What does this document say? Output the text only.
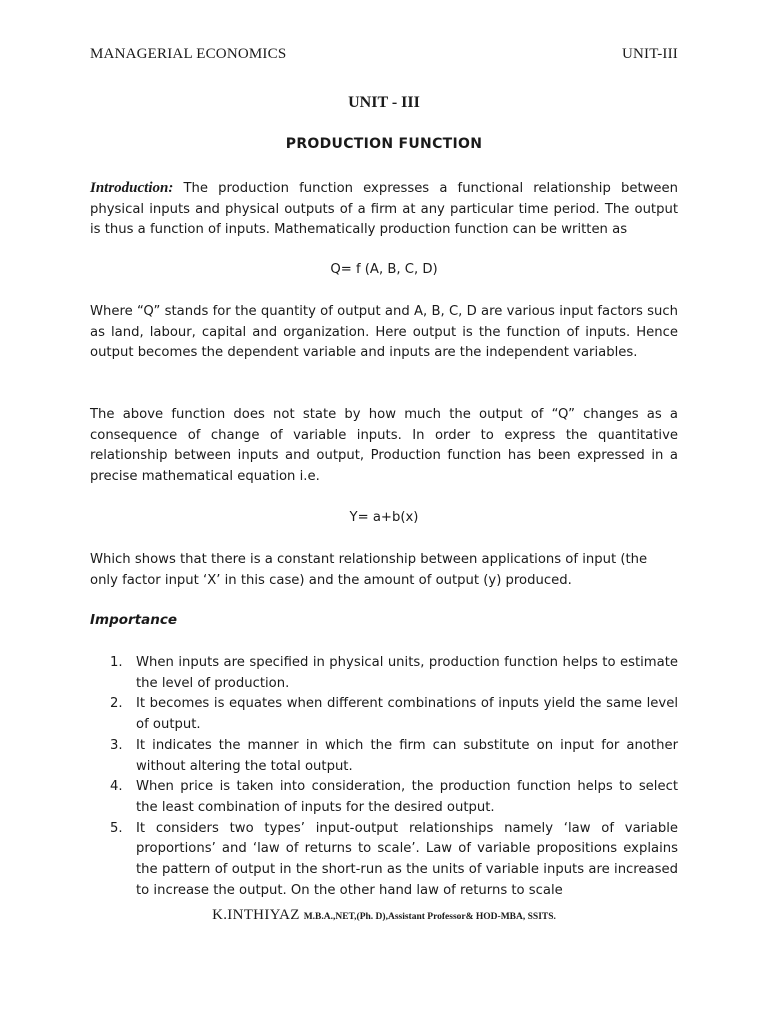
MANAGERIAL ECONOMICS	UNIT-III
UNIT - III
PRODUCTION FUNCTION

Introduction: The production function expresses a functional relationship between physical inputs and physical outputs of a firm at any particular time period. The output is thus a function of inputs. Mathematically production function can be written as

Q= f (A, B, C, D)

Where “Q” stands for the quantity of output and A, B, C, D are various input factors such as land, labour, capital and organization. Here output is the function of inputs. Hence output becomes the dependent variable and inputs are the independent variables.

The above function does not state by how much the output of “Q” changes as a consequence of change of variable inputs. In order to express the quantitative relationship between inputs and output, Production function has been expressed in a precise mathematical equation i.e.

Y= a+b(x)

Which shows that there is a constant relationship between applications of input (the only factor input ‘X’ in this case) and the amount of output (y) produced.

Importance
1.	When inputs are specified in physical units, production function helps to estimate the level of production.
2.	It becomes is equates when different combinations of inputs yield the same level of output.
3.	It indicates the manner in which the firm can substitute on input for another without altering the total output.
4.	When price is taken into consideration, the production function helps to select the least combination of inputs for the desired output.
5.	It considers two types’ input-output relationships namely ‘law of variable proportions’ and ‘law of returns to scale’. Law of variable propositions explains the pattern of output in the short-run as the units of variable inputs are increased to increase the output. On the other hand law of returns to scale
K.INTHIYAZ M.B.A.,NET,(Ph. D),Assistant Professor& HOD-MBA, SSITS.
